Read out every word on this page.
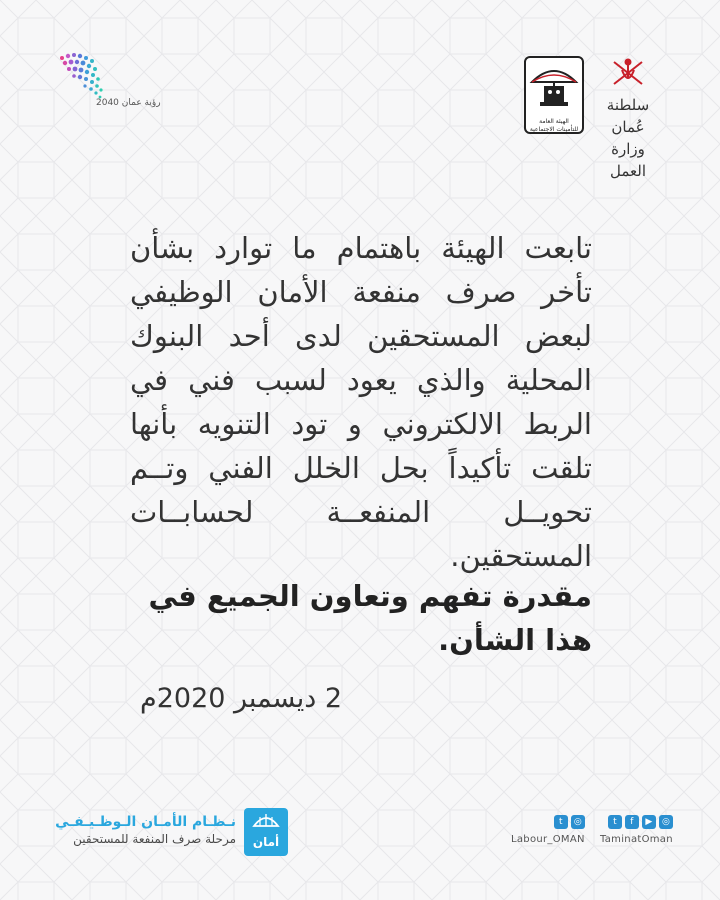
رؤية عمان 2040
الهيئة العامة للتأمينات الاجتماعية
سلطنة عُمان
وزارة العمل

تابعت الهيئة باهتمام ما توارد بشأن تأخر صرف منفعة الأمان الوظيفي لبعض المستحقين لدى أحد البنوك المحلية والذي يعود لسبب فني في الربط الالكتروني و تود التنويه بأنها تلقت تأكيداً بحل الخلل الفني وتــم تحويــل المنفعــة لحسابــات المستحقين.

مقدرة تفهم وتعاون الجميع في هذا الشأن.
2 ديسمبر 2020م
نـظـام الأمـان الـوظـيـفـي
مرحلة صرف المنفعة للمستحقين	أمان
t	◎
Labour_OMAN
t	f	▶	◎
TaminatOman
